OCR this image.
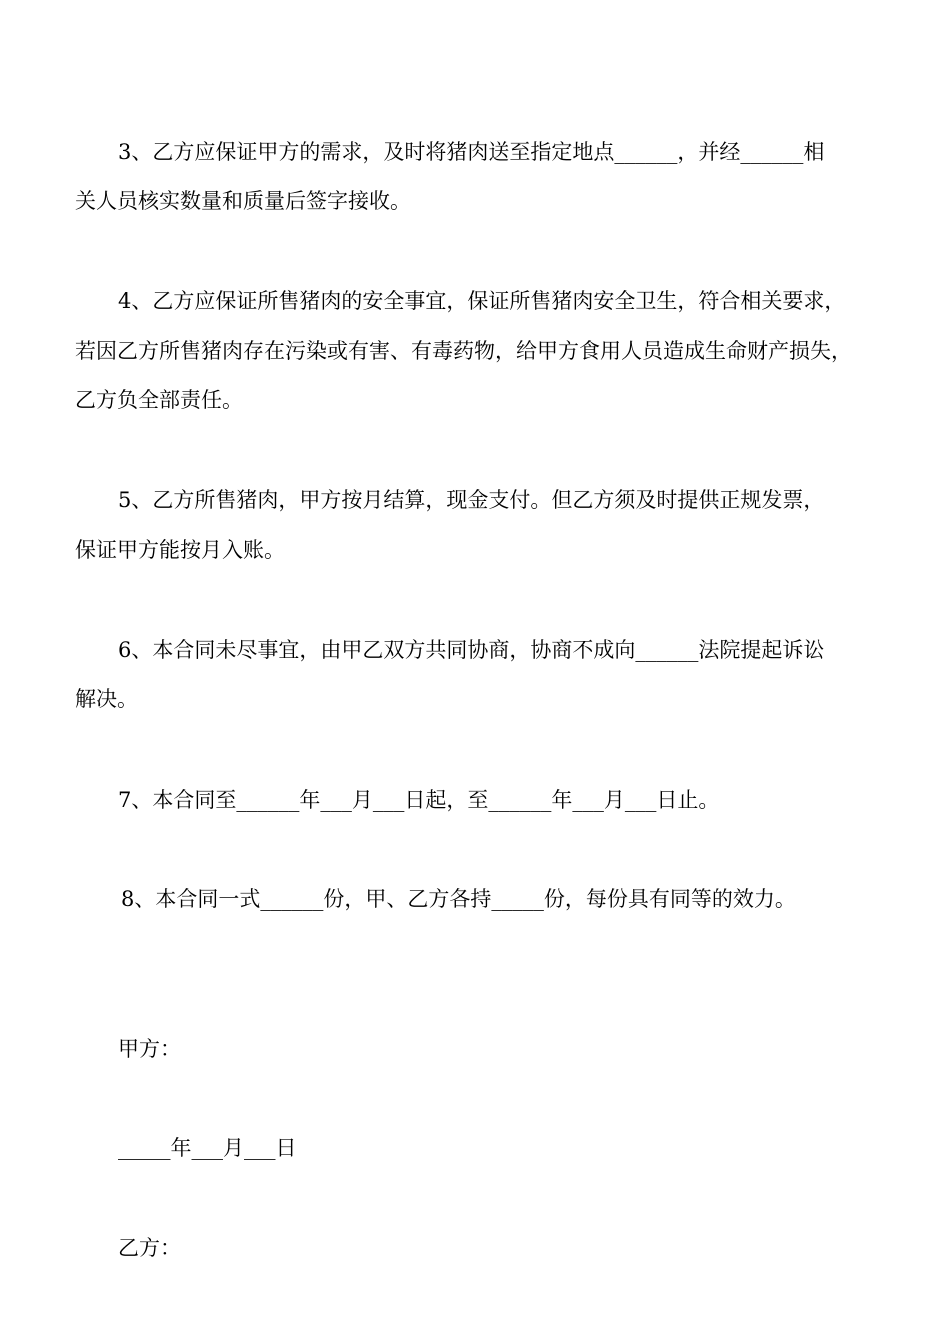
3、乙方应保证甲方的需求，及时将猪肉送至指定地点______，并经______相
关人员核实数量和质量后签字接收。
4、乙方应保证所售猪肉的安全事宜，保证所售猪肉安全卫生，符合相关要求，
若因乙方所售猪肉存在污染或有害、有毒药物，给甲方食用人员造成生命财产损失，
乙方负全部责任。
5、乙方所售猪肉，甲方按月结算，现金支付。但乙方须及时提供正规发票，
保证甲方能按月入账。
6、本合同未尽事宜，由甲乙双方共同协商，协商不成向______法院提起诉讼
解决。
7、本合同至______年___月___日起，至______年___月___日止。
8、本合同一式______份，甲、乙方各持_____份，每份具有同等的效力。
甲方：
_____年___月___日
乙方：
